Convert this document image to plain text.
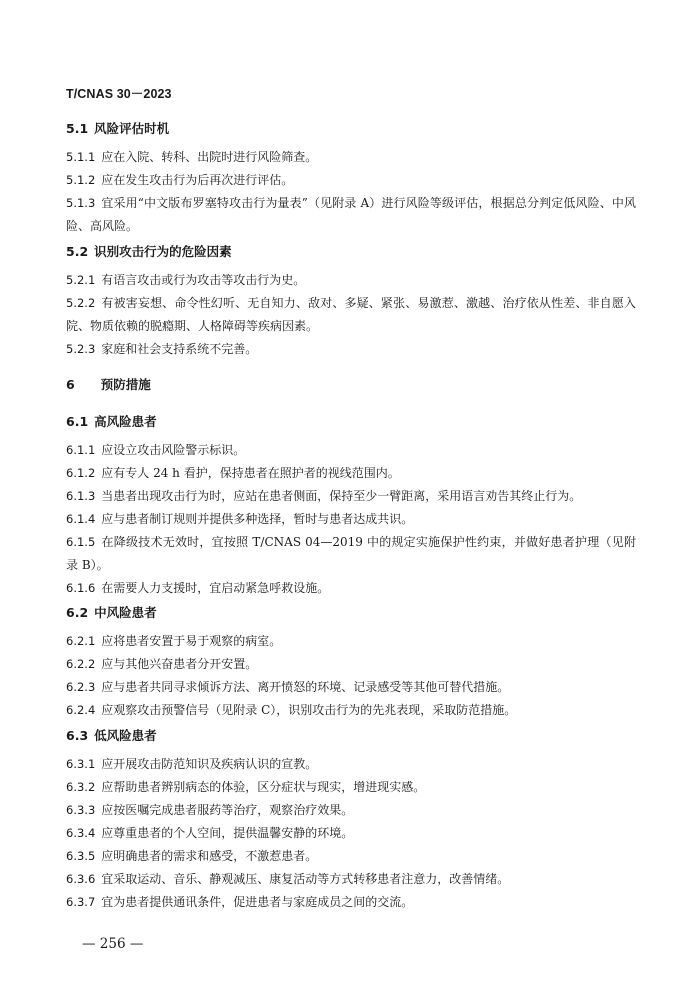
T/CNAS 30－2023
5.1 风险评估时机
5.1.1 应在入院、转科、出院时进行风险筛查。
5.1.2 应在发生攻击行为后再次进行评估。
5.1.3 宜采用“中文版布罗塞特攻击行为量表”（见附录 A）进行风险等级评估，根据总分判定低风险、中风险、高风险。
5.2 识别攻击行为的危险因素
5.2.1 有语言攻击或行为攻击等攻击行为史。
5.2.2 有被害妄想、命令性幻听、无自知力、敌对、多疑、紧张、易激惹、激越、治疗依从性差、非自愿入院、物质依赖的脱瘾期、人格障碍等疾病因素。
5.2.3 家庭和社会支持系统不完善。
6 预防措施
6.1 高风险患者
6.1.1 应设立攻击风险警示标识。
6.1.2 应有专人 24 h 看护，保持患者在照护者的视线范围内。
6.1.3 当患者出现攻击行为时，应站在患者侧面，保持至少一臂距离，采用语言劝告其终止行为。
6.1.4 应与患者制订规则并提供多种选择，暂时与患者达成共识。
6.1.5 在降级技术无效时，宜按照 T/CNAS 04—2019 中的规定实施保护性约束，并做好患者护理（见附录 B）。
6.1.6 在需要人力支援时，宜启动紧急呼救设施。
6.2 中风险患者
6.2.1 应将患者安置于易于观察的病室。
6.2.2 应与其他兴奋患者分开安置。
6.2.3 应与患者共同寻求倾诉方法、离开愤怒的环境、记录感受等其他可替代措施。
6.2.4 应观察攻击预警信号（见附录 C），识别攻击行为的先兆表现，采取防范措施。
6.3 低风险患者
6.3.1 应开展攻击防范知识及疾病认识的宣教。
6.3.2 应帮助患者辨别病态的体验，区分症状与现实，增进现实感。
6.3.3 应按医嘱完成患者服药等治疗，观察治疗效果。
6.3.4 应尊重患者的个人空间，提供温馨安静的环境。
6.3.5 应明确患者的需求和感受，不激惹患者。
6.3.6 宜采取运动、音乐、静观减压、康复活动等方式转移患者注意力，改善情绪。
6.3.7 宜为患者提供通讯条件，促进患者与家庭成员之间的交流。
— 256 —
